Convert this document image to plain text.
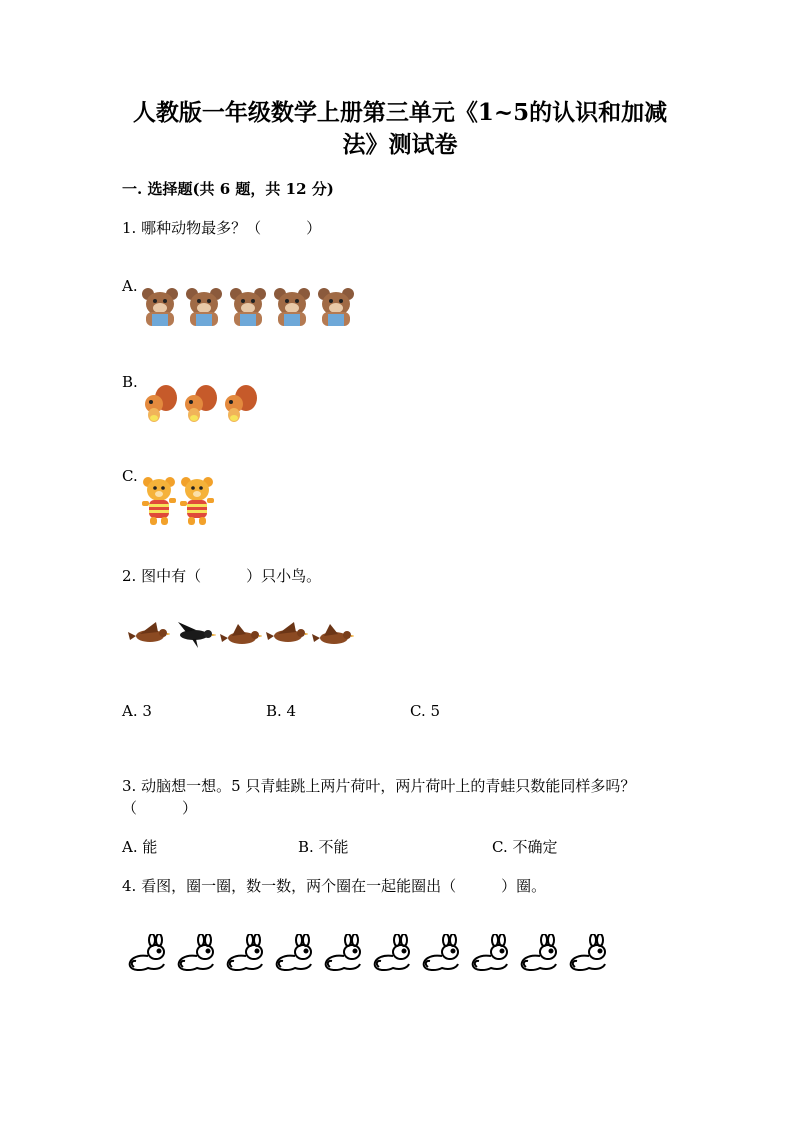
人教版一年级数学上册第三单元《1~5的认识和加减
法》测试卷
一. 选择题(共 6 题，共 12 分)
1. 哪种动物最多？（　　　）
A.
B.
C.
2. 图中有（　　　）只小鸟。
A. 3	B. 4	C. 5
3. 动脑想一想。5 只青蛙跳上两片荷叶，两片荷叶上的青蛙只数能同样多吗？
（　　　）
A. 能	B. 不能	C. 不确定
4. 看图，圈一圈，数一数，两个圈在一起能圈出（　　　）圈。
